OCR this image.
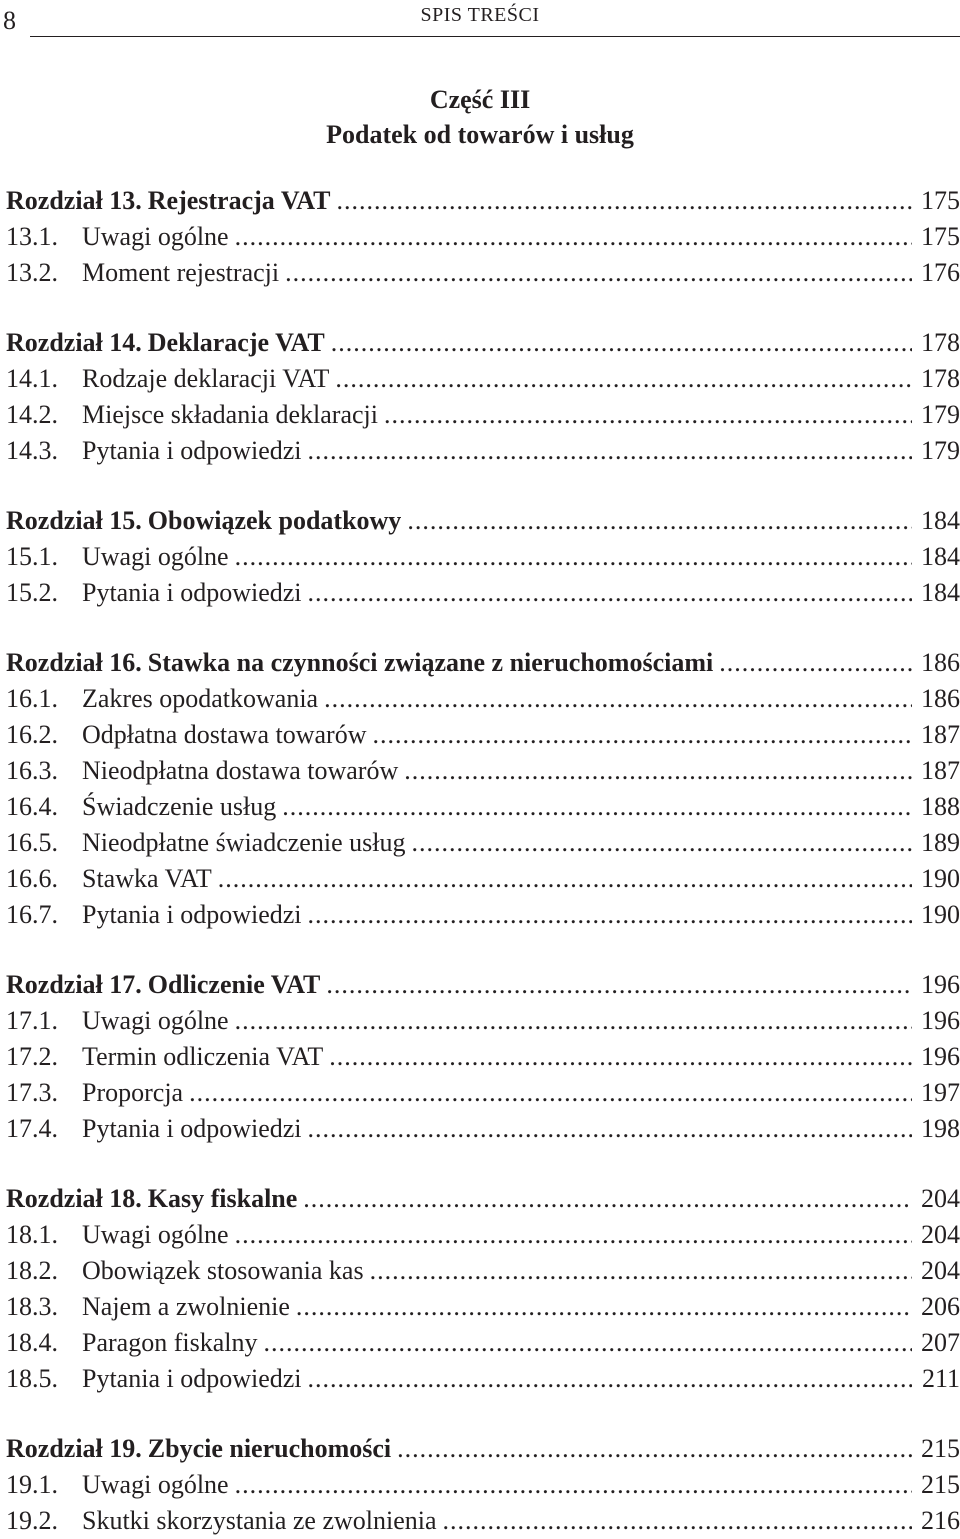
8	SPIS TREŚCI
Część III
Podatek od towarów i usług
Rozdział 13. Rejestracja VAT .....	175
13.1. Uwagi ogólne .....	175
13.2. Moment rejestracji .....	176
Rozdział 14. Deklaracje VAT .....	178
14.1. Rodzaje deklaracji VAT .....	178
14.2. Miejsce składania deklaracji .....	179
14.3. Pytania i odpowiedzi .....	179
Rozdział 15. Obowiązek podatkowy .....	184
15.1. Uwagi ogólne .....	184
15.2. Pytania i odpowiedzi .....	184
Rozdział 16. Stawka na czynności związane z nieruchomościami .....	186
16.1. Zakres opodatkowania .....	186
16.2. Odpłatna dostawa towarów .....	187
16.3. Nieodpłatna dostawa towarów .....	187
16.4. Świadczenie usług .....	188
16.5. Nieodpłatne świadczenie usług .....	189
16.6. Stawka VAT .....	190
16.7. Pytania i odpowiedzi .....	190
Rozdział 17. Odliczenie VAT .....	196
17.1. Uwagi ogólne .....	196
17.2. Termin odliczenia VAT .....	196
17.3. Proporcja .....	197
17.4. Pytania i odpowiedzi .....	198
Rozdział 18. Kasy fiskalne .....	204
18.1. Uwagi ogólne .....	204
18.2. Obowiązek stosowania kas .....	204
18.3. Najem a zwolnienie .....	206
18.4. Paragon fiskalny .....	207
18.5. Pytania i odpowiedzi .....	211
Rozdział 19. Zbycie nieruchomości .....	215
19.1. Uwagi ogólne .....	215
19.2. Skutki skorzystania ze zwolnienia .....	216
